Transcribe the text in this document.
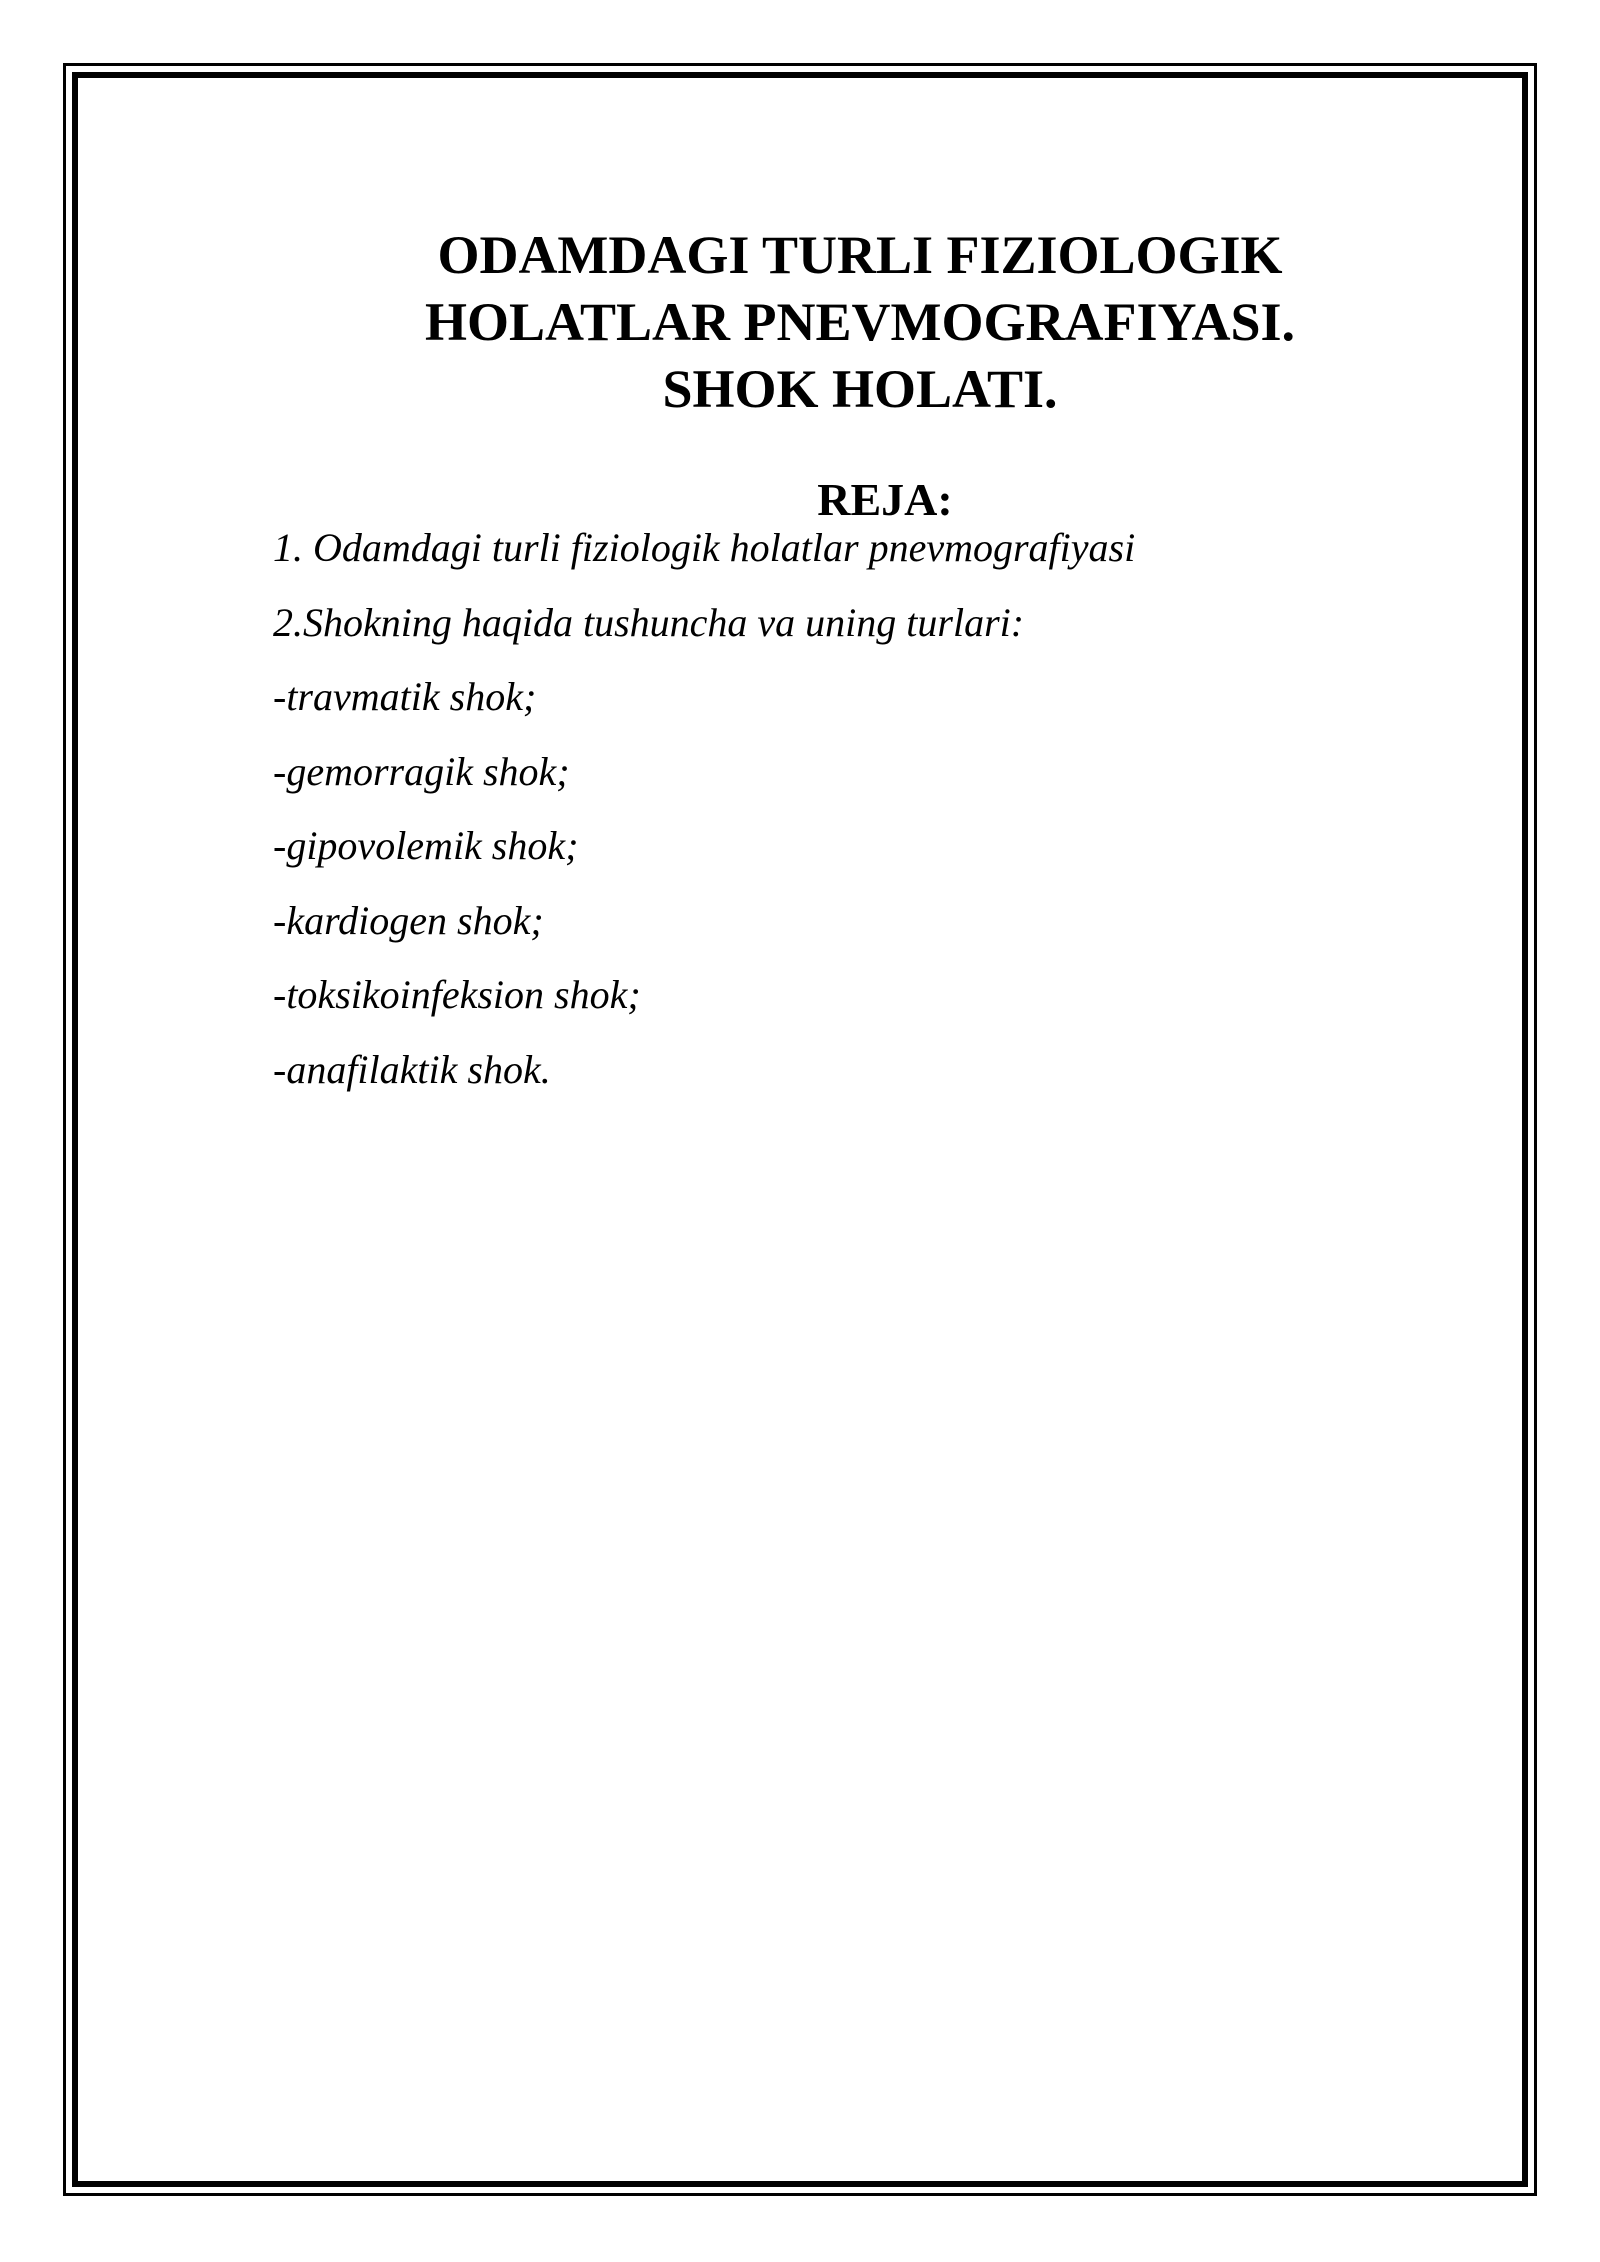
ODAMDAGI TURLI FIZIOLOGIK
HOLATLAR PNEVMOGRAFIYASI.
SHOK HOLATI.
REJA:
1. Odamdagi turli fiziologik holatlar pnevmografiyasi
2.Shokning haqida tushuncha va uning turlari:
-travmatik shok;
-gemorragik shok;
-gipovolemik shok;
-kardiogen shok;
-toksikoinfeksion shok;
-anafilaktik shok.
